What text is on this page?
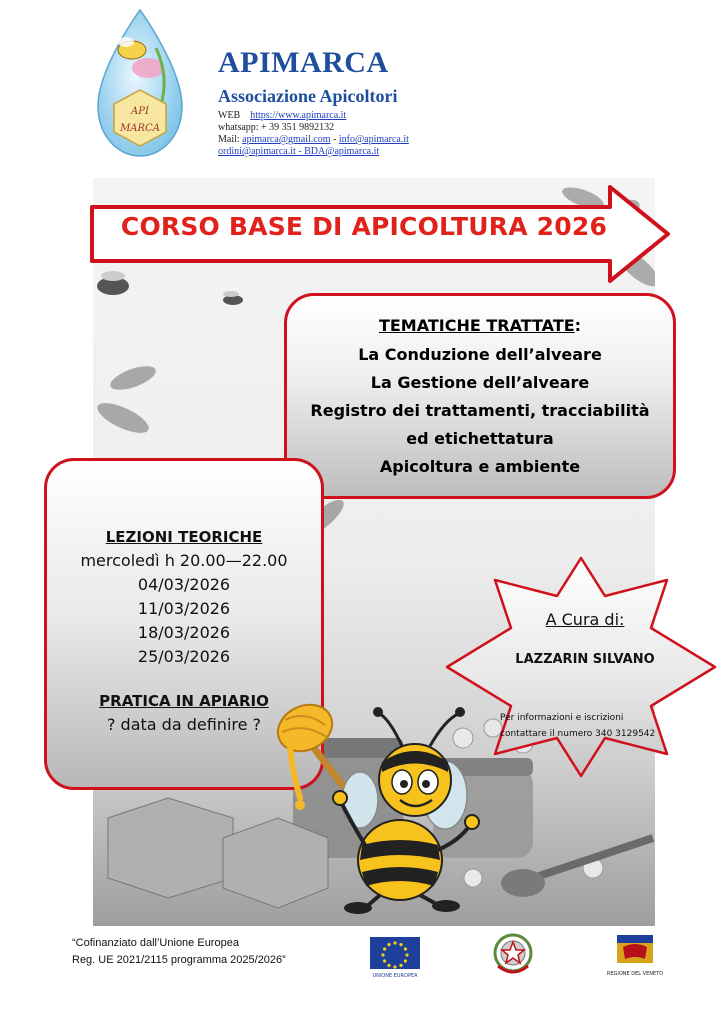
API
MARCA
APIMARCA
Associazione Apicoltori
WEB https://www.apimarca.it
whatsapp: + 39 351 9892132
Mail: apimarca@gmail.com - info@apimarca.it
ordini@apimarca.it - BDA@apimarca.it
CORSO BASE DI APICOLTURA 2026
TEMATICHE TRATTATE:
La Conduzione dell’alveare
La Gestione dell’alveare
Registro dei trattamenti, tracciabilità
ed etichettatura
Apicoltura e ambiente
LEZIONI TEORICHE
mercoledì h 20.00—22.00
04/03/2026
11/03/2026
18/03/2026
25/03/2026
PRATICA IN APIARIO
? data da definire ?
A Cura di:
LAZZARIN SILVANO
Per informazioni e iscrizioni
contattare il numero 340 3129542
“Cofinanziato dall’Unione Europea
Reg. UE 2021/2115 programma 2025/2026”
UNIONE EUROPEA	REGIONE DEL VENETO
